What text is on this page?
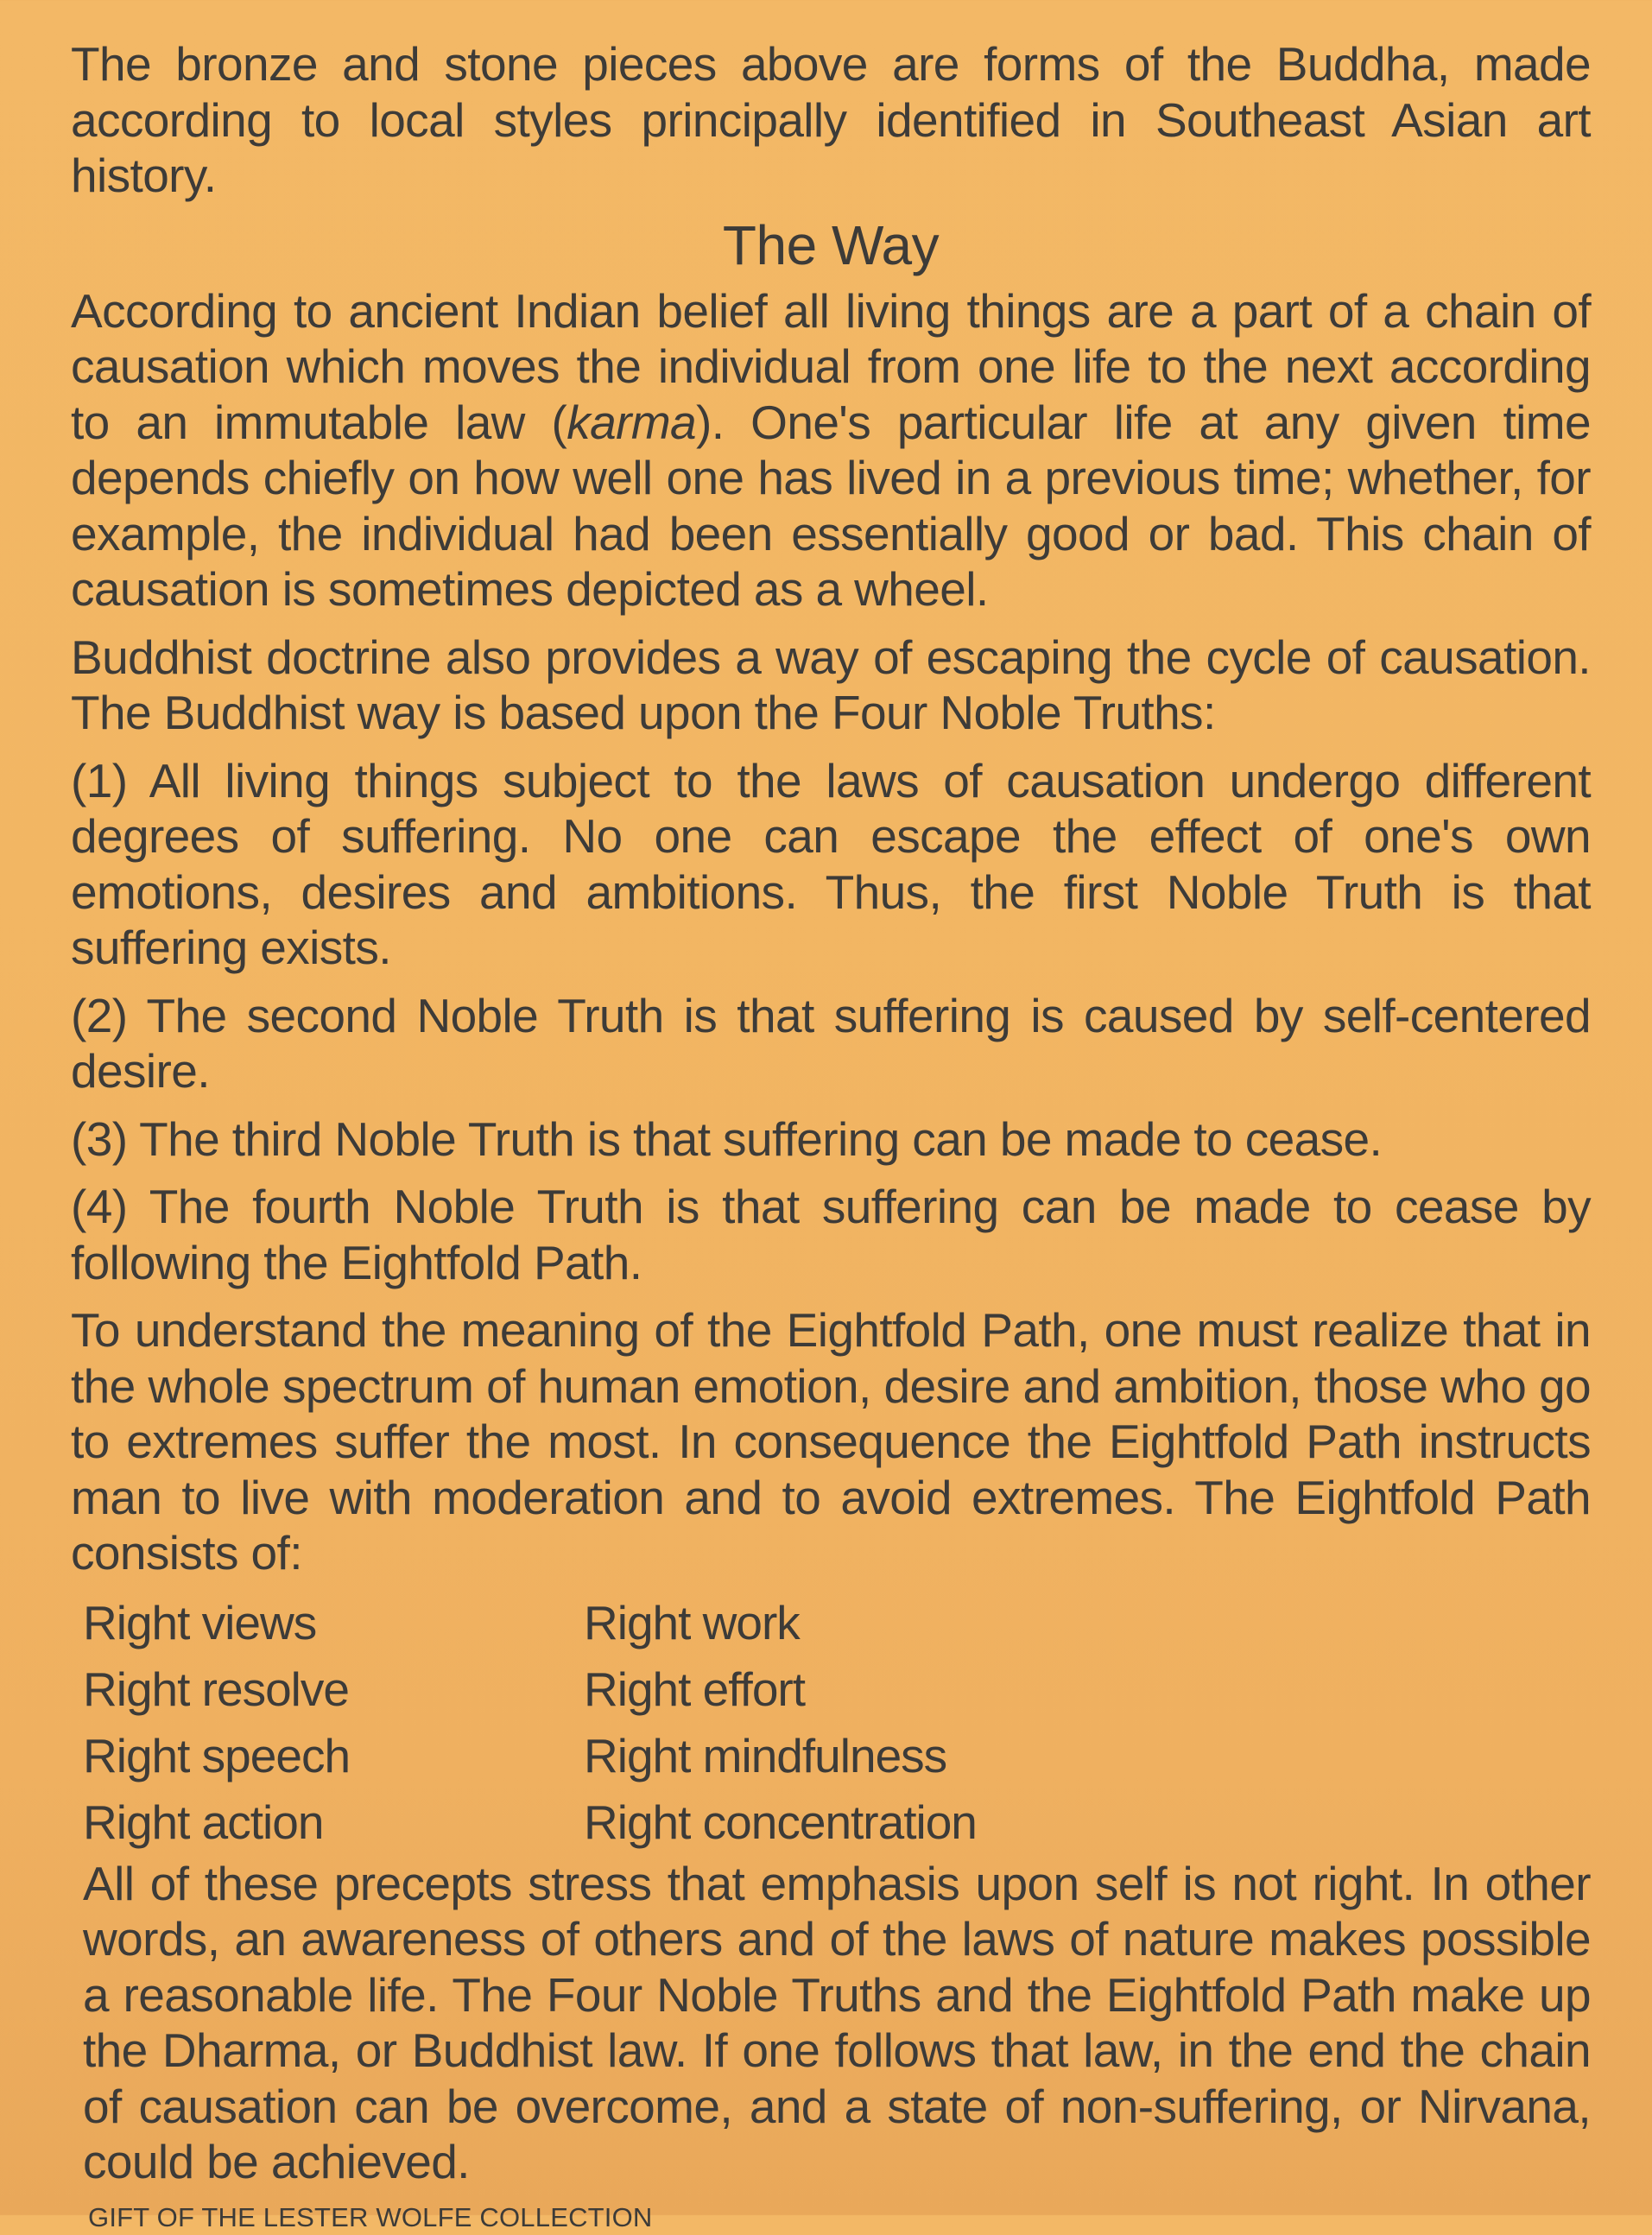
The bronze and stone pieces above are forms of the Buddha, made according to local styles principally identified in Southeast Asian art history.

The Way

According to ancient Indian belief all living things are a part of a chain of causation which moves the individual from one life to the next according to an immutable law (karma). One's particular life at any given time depends chiefly on how well one has lived in a previous time; whether, for example, the individual had been essentially good or bad. This chain of causation is sometimes depicted as a wheel.

Buddhist doctrine also provides a way of escaping the cycle of causation. The Buddhist way is based upon the Four Noble Truths:

(1) All living things subject to the laws of causation undergo different degrees of suffering. No one can escape the effect of one's own emotions, desires and ambitions. Thus, the first Noble Truth is that suffering exists.

(2) The second Noble Truth is that suffering is caused by self-centered desire.

(3) The third Noble Truth is that suffering can be made to cease.

(4) The fourth Noble Truth is that suffering can be made to cease by following the Eightfold Path.

To understand the meaning of the Eightfold Path, one must realize that in the whole spectrum of human emotion, desire and ambition, those who go to extremes suffer the most. In consequence the Eightfold Path instructs man to live with moderation and to avoid extremes. The Eightfold Path consists of:

Right views	Right work
Right resolve	Right effort
Right speech	Right mindfulness
Right action	Right concentration

All of these precepts stress that emphasis upon self is not right. In other words, an awareness of others and of the laws of nature makes possible a reasonable life. The Four Noble Truths and the Eightfold Path make up the Dharma, or Buddhist law. If one follows that law, in the end the chain of causation can be overcome, and a state of non-suffering, or Nirvana, could be achieved.

GIFT OF THE LESTER WOLFE COLLECTION
